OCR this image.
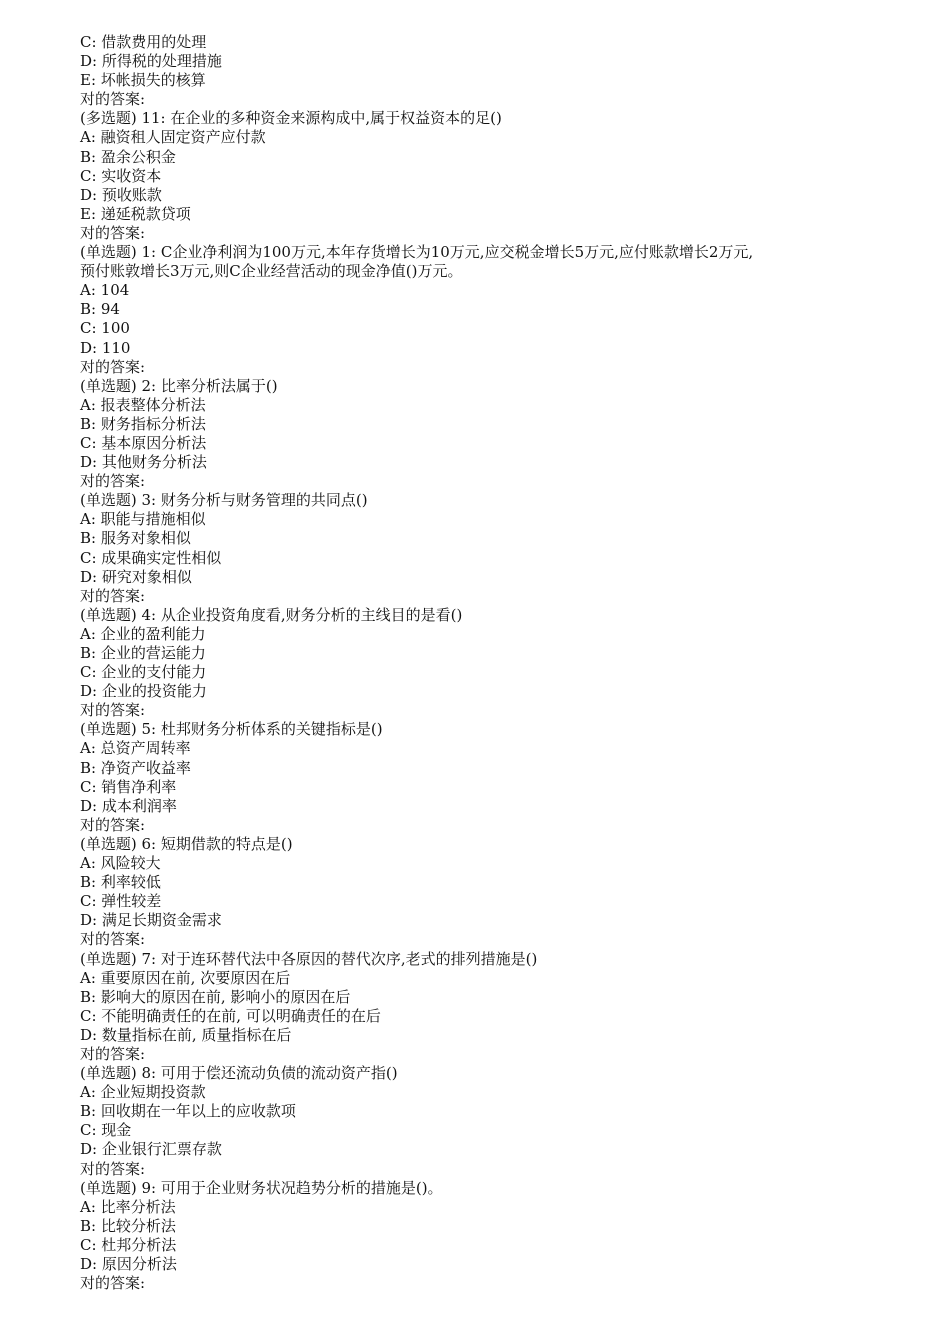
C: 借款费用的处理
D: 所得税的处理措施
E: 坏帐损失的核算
对的答案:
(多选题) 11: 在企业的多种资金来源构成中,属于权益资本的足()
A: 融资租人固定资产应付款
B: 盈余公积金
C: 实收资本
D: 预收账款
E: 递延税款贷项
对的答案:
(单选题) 1: C企业净利润为100万元,本年存货增长为10万元,应交税金增长5万元,应付账款增长2万元,
预付账敦增长3万元,则C企业经营活动的现金净值()万元。
A: 104
B: 94
C: 100
D: 110
对的答案:
(单选题) 2: 比率分析法属于()
A: 报表整体分析法
B: 财务指标分析法
C: 基本原因分析法
D: 其他财务分析法
对的答案:
(单选题) 3: 财务分析与财务管理的共同点()
A: 职能与措施相似
B: 服务对象相似
C: 成果确实定性相似
D: 研究对象相似
对的答案:
(单选题) 4: 从企业投资角度看,财务分析的主线目的是看()
A: 企业的盈利能力
B: 企业的营运能力
C: 企业的支付能力
D: 企业的投资能力
对的答案:
(单选题) 5: 杜邦财务分析体系的关键指标是()
A: 总资产周转率
B: 净资产收益率
C: 销售净利率
D: 成本利润率
对的答案:
(单选题) 6: 短期借款的特点是()
A: 风险较大
B: 利率较低
C: 弹性较差
D: 满足长期资金需求
对的答案:
(单选题) 7: 对于连环替代法中各原因的替代次序,老式的排列措施是()
A: 重要原因在前, 次要原因在后
B: 影响大的原因在前, 影响小的原因在后
C: 不能明确责任的在前, 可以明确责任的在后
D: 数量指标在前, 质量指标在后
对的答案:
(单选题) 8: 可用于偿还流动负债的流动资产指()
A: 企业短期投资款
B: 回收期在一年以上的应收款项
C: 现金
D: 企业银行汇票存款
对的答案:
(单选题) 9: 可用于企业财务状况趋势分析的措施是()。
A: 比率分析法
B: 比较分析法
C: 杜邦分析法
D: 原因分析法
对的答案:
